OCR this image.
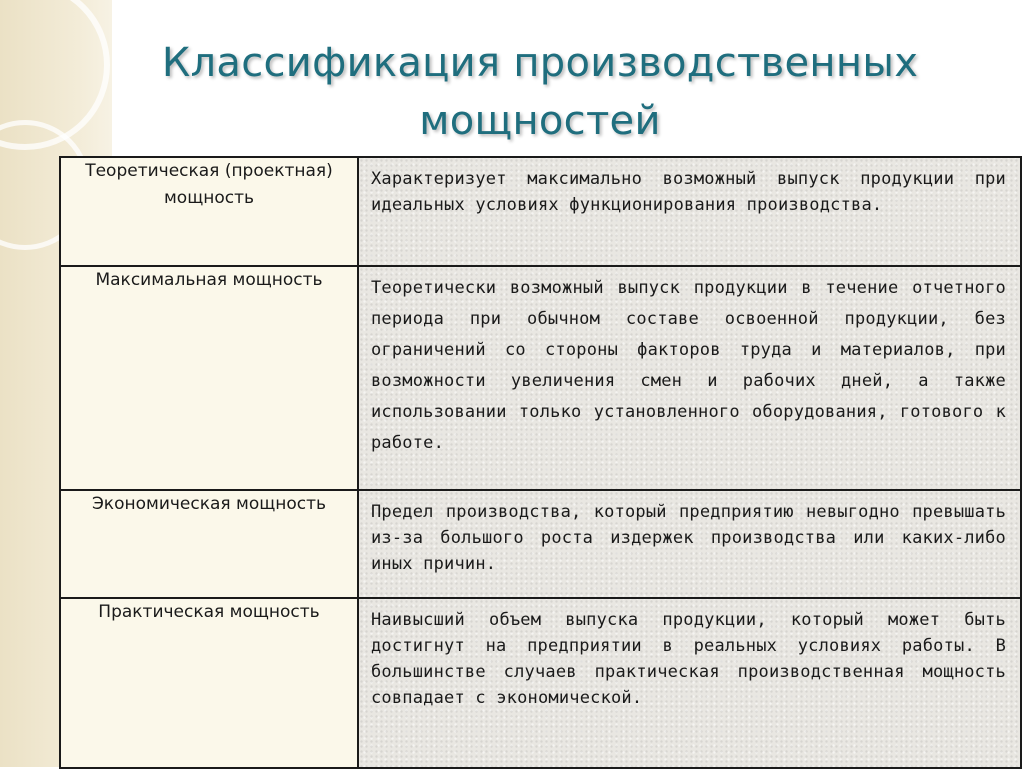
Классификация производственных мощностей
Теоретическая (проектная) мощность	Характеризует максимально возможный выпуск продукции при идеальных условиях функционирования производства.
Максимальная мощность	Теоретически возможный выпуск продукции в течение отчетного периода при обычном составе освоенной продукции, без ограничений со стороны факторов труда и материалов, при возможности увеличения смен и рабочих дней, а также использовании только установленного оборудования, готового к работе.
Экономическая мощность	Предел производства, который предприятию невыгодно превышать из-за большого роста издержек производства или каких-либо иных причин.
Практическая мощность	Наивысший объем выпуска продукции, который может быть достигнут на предприятии в реальных условиях работы. В большинстве случаев практическая производственная мощность совпадает с экономической.
